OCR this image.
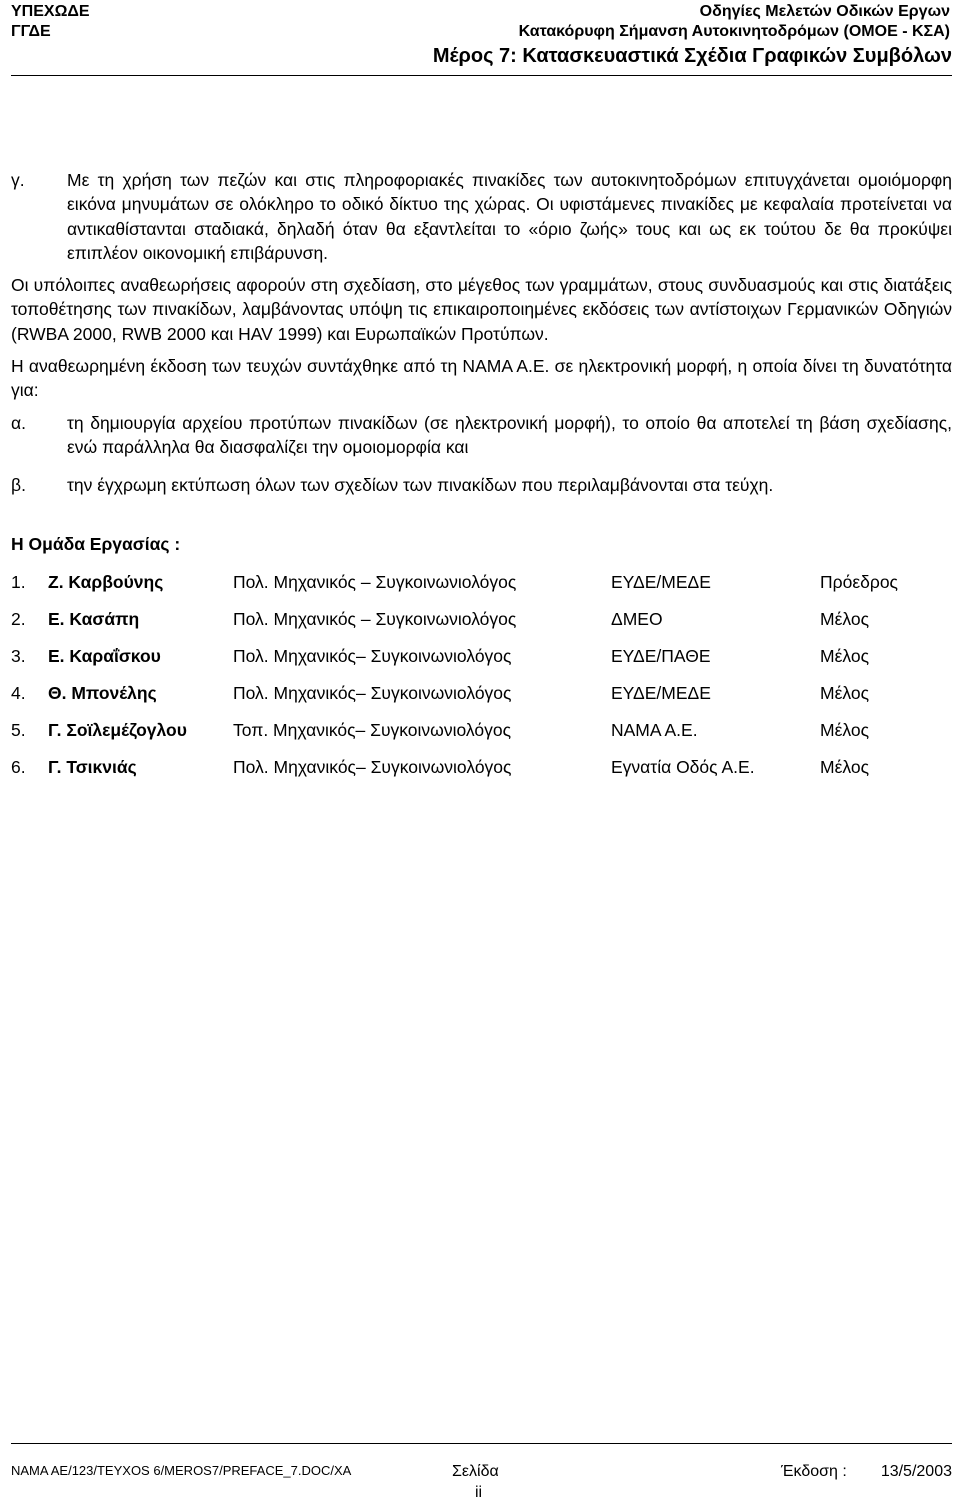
ΥΠΕΧΩΔΕ
ΓΓΔΕ
Οδηγίες Μελετών Οδικών Εργων
Κατακόρυφη Σήμανση Αυτοκινητοδρόμων (ΟΜΟΕ - ΚΣΑ)
Μέρος 7: Κατασκευαστικά Σχέδια Γραφικών Συμβόλων
γ.	Με τη χρήση των πεζών και στις πληροφοριακές πινακίδες των αυτοκινητοδρόμων επιτυγχάνεται ομοιόμορφη εικόνα μηνυμάτων σε ολόκληρο το οδικό δίκτυο της χώρας. Οι υφιστάμενες πινακίδες με κεφαλαία προτείνεται να αντικαθίστανται σταδιακά, δηλαδή όταν θα εξαντλείται το «όριο ζωής» τους και ως εκ τούτου δε θα προκύψει επιπλέον οικονομική επιβάρυνση.

Οι υπόλοιπες αναθεωρήσεις αφορούν στη σχεδίαση, στο μέγεθος των γραμμάτων, στους συνδυασμούς και στις διατάξεις τοποθέτησης των πινακίδων, λαμβάνοντας υπόψη τις επικαιροποιημένες εκδόσεις των αντίστοιχων Γερμανικών Οδηγιών (RWBA 2000, RWB 2000 και HAV 1999) και Ευρωπαϊκών Προτύπων.

Η αναθεωρημένη έκδοση των τευχών συντάχθηκε από τη ΝΑΜΑ Α.Ε. σε ηλεκτρονική μορφή, η οποία δίνει τη δυνατότητα για:

α.	τη δημιουργία αρχείου προτύπων πινακίδων (σε ηλεκτρονική μορφή), το οποίο θα αποτελεί τη βάση σχεδίασης, ενώ παράλληλα θα διασφαλίζει την ομοιομορφία και
β.	την έγχρωμη εκτύπωση όλων των σχεδίων των πινακίδων που περιλαμβάνονται στα τεύχη.
Η Ομάδα Εργασίας :
1. Ζ. Καρβούνης	Πολ. Μηχανικός – Συγκοινωνιολόγος	ΕΥΔΕ/ΜΕΔΕ	Πρόεδρος
2. Ε. Κασάπη	Πολ. Μηχανικός – Συγκοινωνιολόγος	ΔΜΕΟ	Μέλος
3. Ε. Καραΐσκου	Πολ. Μηχανικός– Συγκοινωνιολόγος	ΕΥΔΕ/ΠΑΘΕ	Μέλος
4. Θ. Μπονέλης	Πολ. Μηχανικός– Συγκοινωνιολόγος	ΕΥΔΕ/ΜΕΔΕ	Μέλος
5. Γ. Σοϊλεμέζογλου	Τοπ. Μηχανικός– Συγκοινωνιολόγος	ΝΑΜΑ Α.Ε.	Μέλος
6. Γ. Τσικνιάς	Πολ. Μηχανικός– Συγκοινωνιολόγος	Εγνατία Οδός Α.Ε.	Μέλος
NAMA AE/123/TEYXOS 6/MEROS7/PREFACE_7.DOC/XA	Σελίδα
ii
Έκδοση : 13/5/2003
